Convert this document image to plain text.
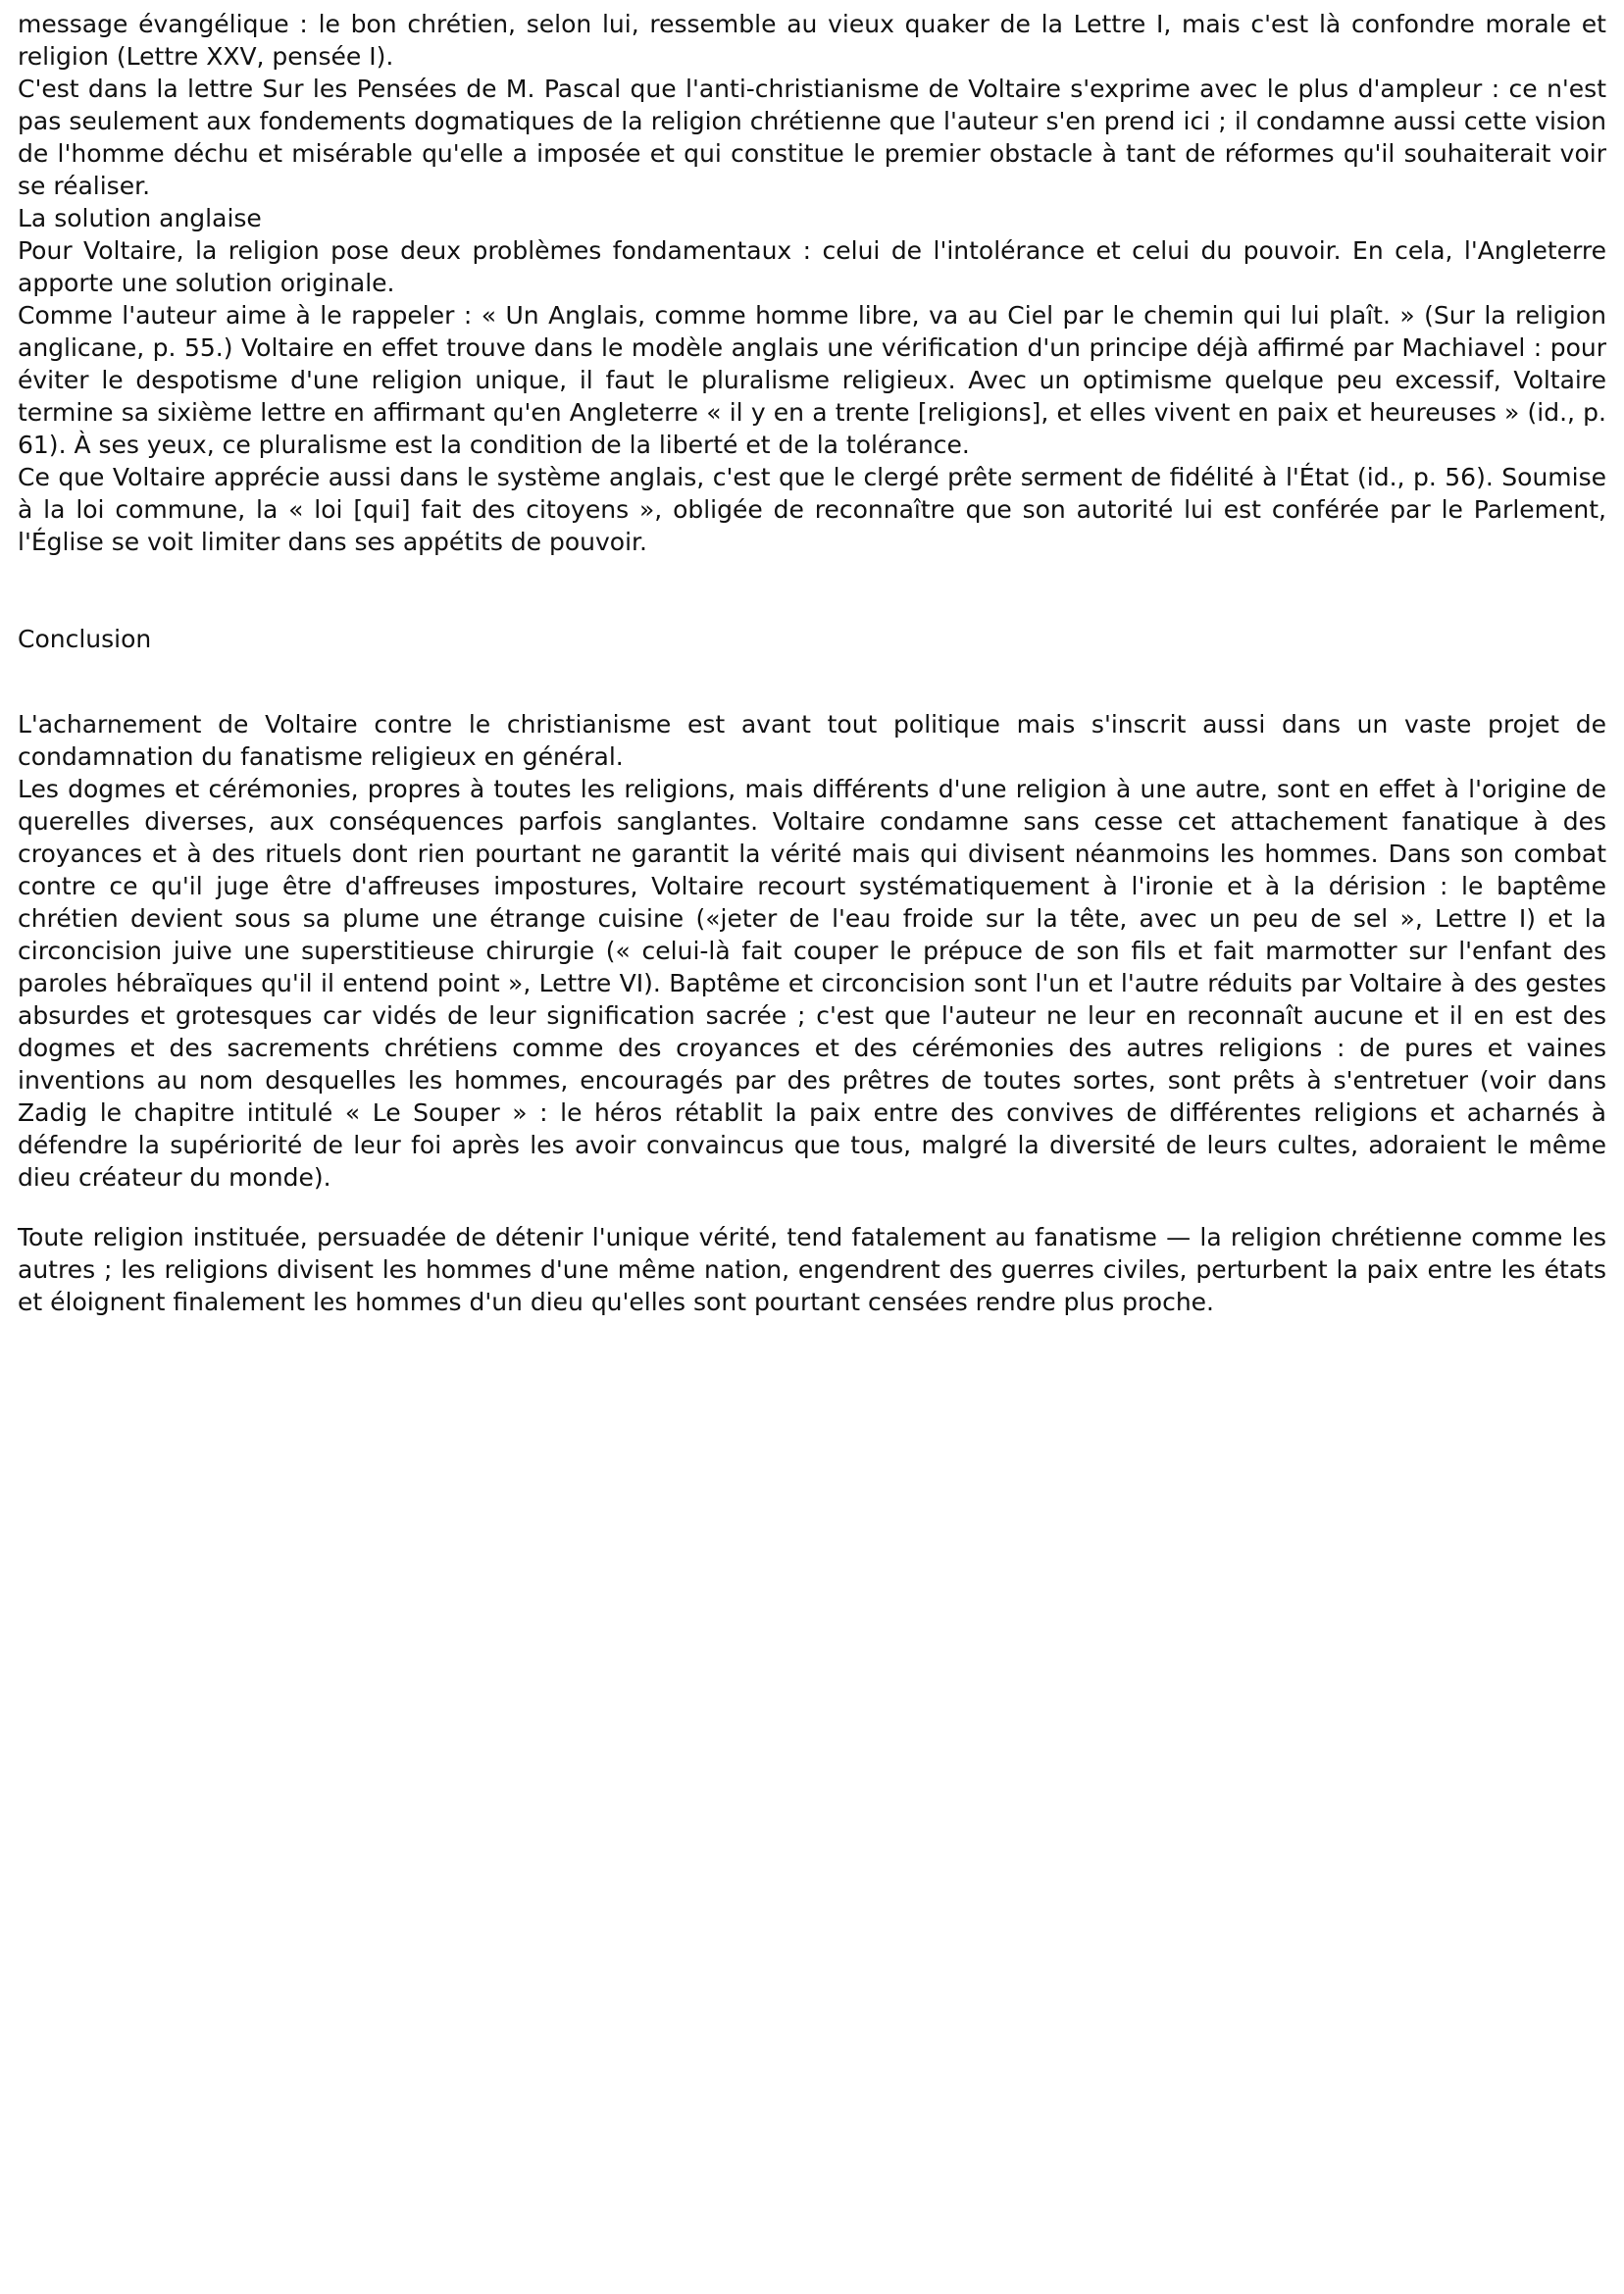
message évangélique : le bon chrétien, selon lui, ressemble au vieux quaker de la Lettre I, mais c'est là confondre morale et religion (Lettre XXV, pensée I).

C'est dans la lettre Sur les Pensées de M. Pascal que l'anti-christianisme de Voltaire s'exprime avec le plus d'ampleur : ce n'est pas seulement aux fondements dogmatiques de la religion chrétienne que l'auteur s'en prend ici ; il condamne aussi cette vision de l'homme déchu et misérable qu'elle a imposée et qui constitue le premier obstacle à tant de réformes qu'il souhaiterait voir se réaliser.

La solution anglaise

Pour Voltaire, la religion pose deux problèmes fondamentaux : celui de l'intolérance et celui du pouvoir. En cela, l'Angleterre apporte une solution originale.

Comme l'auteur aime à le rappeler : « Un Anglais, comme homme libre, va au Ciel par le chemin qui lui plaît. » (Sur la religion anglicane, p. 55.) Voltaire en effet trouve dans le modèle anglais une vérification d'un principe déjà affirmé par Machiavel : pour éviter le despotisme d'une religion unique, il faut le pluralisme religieux. Avec un optimisme quelque peu excessif, Voltaire termine sa sixième lettre en affirmant qu'en Angleterre « il y en a trente [religions], et elles vivent en paix et heureuses » (id., p. 61). À ses yeux, ce pluralisme est la condition de la liberté et de la tolérance.

Ce que Voltaire apprécie aussi dans le système anglais, c'est que le clergé prête serment de fidélité à l'État (id., p. 56). Soumise à la loi commune, la « loi [qui] fait des citoyens », obligée de reconnaître que son autorité lui est conférée par le Parlement, l'Église se voit limiter dans ses appétits de pouvoir.

Conclusion

L'acharnement de Voltaire contre le christianisme est avant tout politique mais s'inscrit aussi dans un vaste projet de condamnation du fanatisme religieux en général.

Les dogmes et cérémonies, propres à toutes les religions, mais différents d'une religion à une autre, sont en effet à l'origine de querelles diverses, aux conséquences parfois sanglantes. Voltaire condamne sans cesse cet attachement fanatique à des croyances et à des rituels dont rien pourtant ne garantit la vérité mais qui divisent néanmoins les hommes. Dans son combat contre ce qu'il juge être d'affreuses impostures, Voltaire recourt systématiquement à l'ironie et à la dérision : le baptême chrétien devient sous sa plume une étrange cuisine («jeter de l'eau froide sur la tête, avec un peu de sel », Lettre I) et la circoncision juive une superstitieuse chirurgie (« celui-là fait couper le prépuce de son fils et fait marmotter sur l'enfant des paroles hébraïques qu'il il entend point », Lettre VI). Baptême et circoncision sont l'un et l'autre réduits par Voltaire à des gestes absurdes et grotesques car vidés de leur signification sacrée ; c'est que l'auteur ne leur en reconnaît aucune et il en est des dogmes et des sacrements chrétiens comme des croyances et des cérémonies des autres religions : de pures et vaines inventions au nom desquelles les hommes, encouragés par des prêtres de toutes sortes, sont prêts à s'entretuer (voir dans Zadig le chapitre intitulé « Le Souper » : le héros rétablit la paix entre des convives de différentes religions et acharnés à défendre la supériorité de leur foi après les avoir convaincus que tous, malgré la diversité de leurs cultes, adoraient le même dieu créateur du monde).

Toute religion instituée, persuadée de détenir l'unique vérité, tend fatalement au fanatisme — la religion chrétienne comme les autres ; les religions divisent les hommes d'une même nation, engendrent des guerres civiles, perturbent la paix entre les états et éloignent finalement les hommes d'un dieu qu'elles sont pourtant censées rendre plus proche.
